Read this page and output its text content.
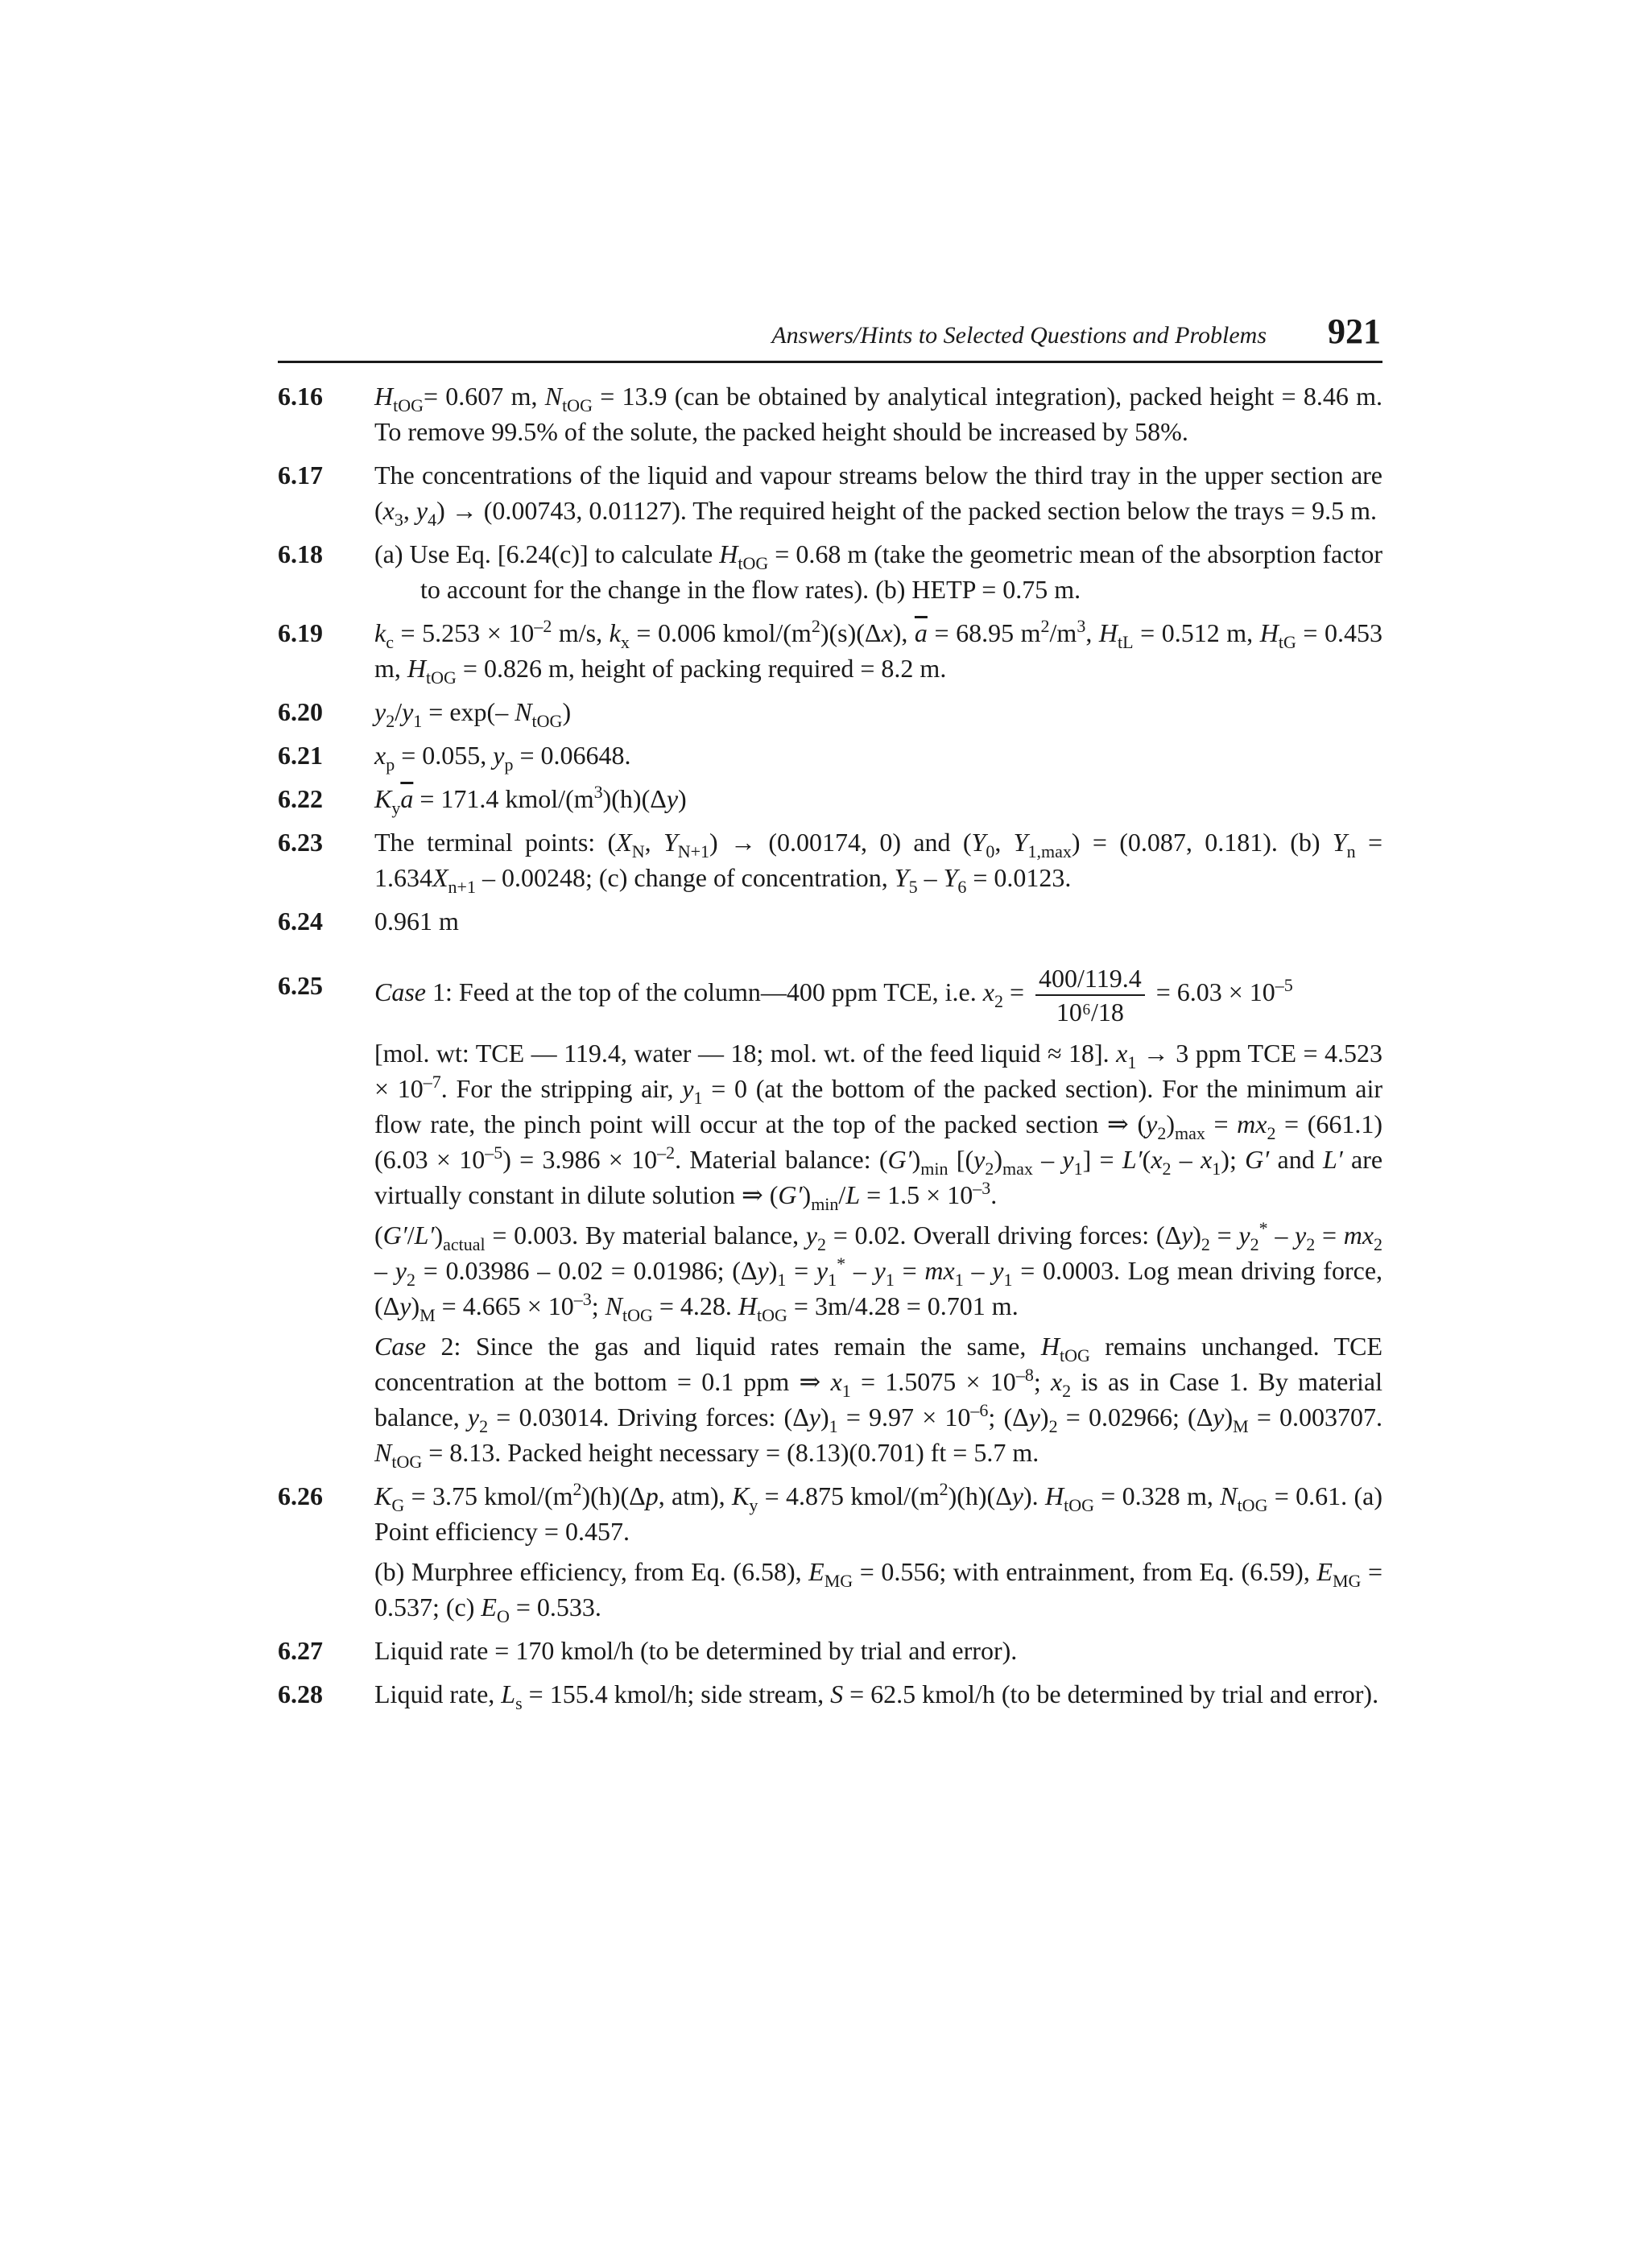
Answers/Hints to Selected Questions and Problems 921
6.16 $H_{tOG}= 0.607$ m, $N_{tOG} = 13.9$ (can be obtained by analytical integration), packed height = 8.46 m. To remove 99.5% of the solute, the packed height should be increased by 58%.
6.17 The concentrations of the liquid and vapour streams below the third tray in the upper section are ($x_3$, $y_4) \to (0.00743$, 0.01127). The required height of the packed section below the trays = 9.5 m.
6.18 (a) Use Eq. [6.24(c)] to calculate $H_{tOG} = 0.68$ m (take the geometric mean of the absorption factor to account for the change in the flow rates). (b) HETP = 0.75 m.
6.19 $k_c = 5.253 \times 10^{-2}$ m/s, $k_x = 0.006$ kmol/$(m^2)(s)(\Delta x)$, $\overline{a} = 68.95$ $m^2/m^3$, $H_{tL} = 0.512$ m, $H_{tG} = 0.453$ m, $H_{tOG} = 0.826$ m, height of packing required = 8.2 m.
6.20 $y_2/y_1 = \exp(-$ $N_{tOG}$)
6.21 $x_p = 0.055$, $y_p = 0.06648$.
6.22 $K_y\overline{a} = 171.4$ kmol/$(m^3)(h)(\Delta y)$
6.23 The terminal points: ($X_N$, $Y_{N+1}) \to (0.00174$, 0) and ($Y_0$, $Y_{1,max}) = (0.087$, 0.181). (b) $Y_n = 1.634X_{n+1} - 0.00248$; (c) change of concentration, $Y_5 - Y_6 = 0.0123$.
6.24 0.961 m
6.25 Case 1: Feed at the top of the column—400 ppm TCE, i.e. $x_2 = \frac{400/119.4}{\text{10⁶/18}} = 6.03 \times 10^{-5}$
[mol. wt: TCE — 119.4, water — 18; mol. wt. of the feed liquid ≈ 18]. $x_1 \to 3$ ppm TCE = $4.523 \times 10^{-7}$. For the stripping air, $y_1 = 0$ (at the bottom of the packed section). For the minimum air flow rate, the pinch point will occur at the top of the packed section ⇒ $(y_2)_{max} = mx_2 = (661.1) (6.03 \times 10^{-5}) = 3.986 \times 10^{-2}$. Material balance: $(G')_{min}$ $[(y_2)_{max} - y_1] = L'(x_2 - x_1)$; G′ and L′ are virtually constant in dilute solution ⇒ $(G')_{min}/L = 1.5 \times 10^{-3}$.
$(G'/L')_{actual} = 0.003$. By material balance, $y_2 = 0.02$. Overall driving forces: $(\Delta y)_2 = y_2^* - y_2 = mx_2 - y_2 = 0.03986 - 0.02 = 0.01986$; $(\Delta y)_1 = y_1^* - y_1 = mx_1 - y_1 = 0.0003$. Log mean driving force, $(\Delta y)_M = 4.665 \times 10^{-3}$; $N_{tOG} = 4.28$. $H_{tOG} = 3m/4.28 = 0.701$ m.
Case 2: Since the gas and liquid rates remain the same, $H_{tOG}$ remains unchanged. TCE concentration at the bottom = 0.1 ppm ⇒ $x_1 = 1.5075 \times 10^{-8}$; $x_2$ is as in Case 1. By material balance, $y_2 = 0.03014$. Driving forces: $(\Delta y)_1 = 9.97 \times 10^{-6}$; $(\Delta y)_2 = 0.02966$; $(\Delta y)_M = 0.003707$. $N_{tOG} = 8.13$. Packed height necessary = (8.13)(0.701) ft = 5.7 m.
6.26 $K_G = 3.75$ kmol/$(m^2)(h)(\Delta p$, atm), $K_y = 4.875$ kmol/$(m^2)(h)(\Delta y)$. $H_{tOG} = 0.328$ m, $N_{tOG} = 0.61$. (a) Point efficiency = 0.457.
(b) Murphree efficiency, from Eq. (6.58), $E_{MG} = 0.556$; with entrainment, from Eq. (6.59), $E_{MG} = 0.537$; (c) $E_O = 0.533$.
6.27 Liquid rate = 170 kmol/h (to be determined by trial and error).
6.28 Liquid rate, $L_s = 155.4$ kmol/h; side stream, S = 62.5 kmol/h (to be determined by trial and error).
